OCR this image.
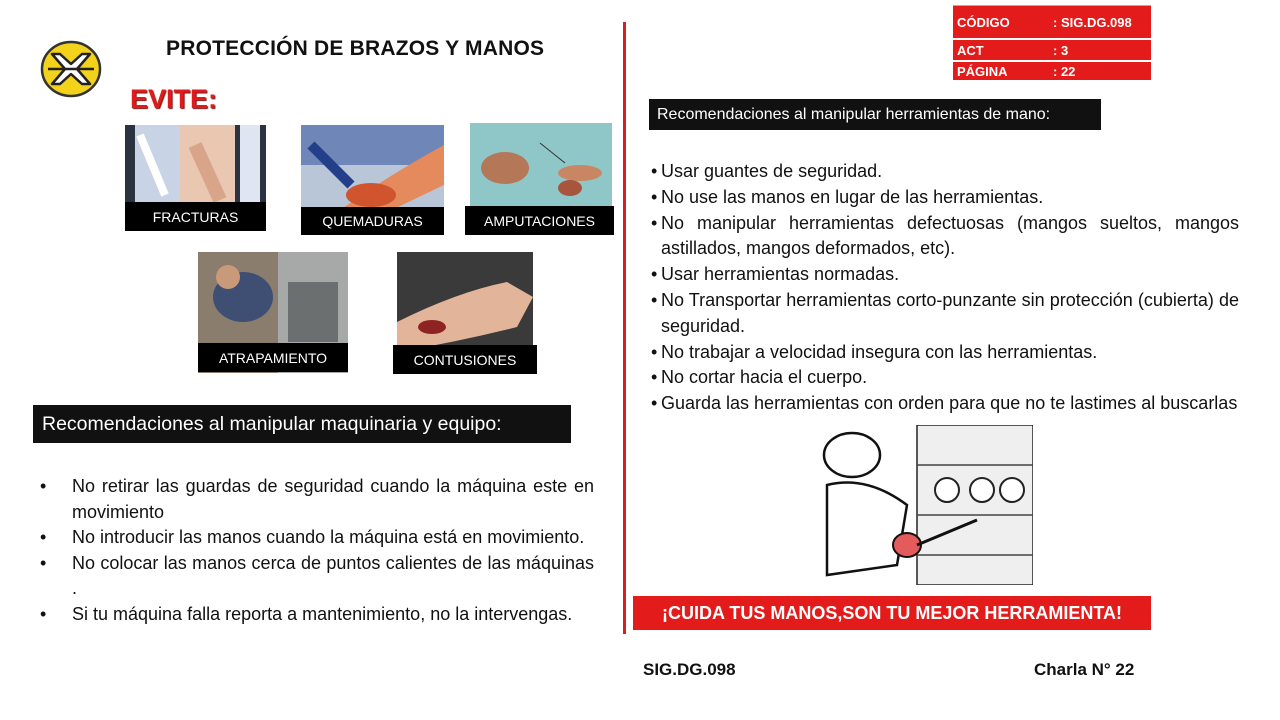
PROTECCIÓN DE BRAZOS Y MANOS
EVITE:
CÓDIGO	: SIG.DG.098
ACT	: 3
PÁGINA	: 22
FRACTURAS	QUEMADURAS	AMPUTACIONES
ATRAPAMIENTO	CONTUSIONES
Recomendaciones al manipular maquinaria y equipo:
• No retirar las guardas de seguridad cuando la máquina este en movimiento
• No introducir las manos cuando la máquina está en movimiento.
• No colocar las manos cerca de puntos calientes de las máquinas .
• Si tu máquina falla reporta a mantenimiento, no la intervengas.
Recomendaciones al manipular herramientas de mano:
• Usar guantes de seguridad.
• No use las manos en lugar de las herramientas.
• No manipular herramientas defectuosas (mangos sueltos, mangos astillados, mangos deformados, etc).
• Usar herramientas normadas.
• No Transportar herramientas corto-punzante sin protección (cubierta) de seguridad.
• No trabajar a velocidad insegura con las herramientas.
• No cortar hacia el cuerpo.
• Guarda las herramientas con orden para que no te lastimes al buscarlas
¡CUIDA TUS MANOS,SON TU MEJOR HERRAMIENTA!
SIG.DG.098	Charla N° 22
